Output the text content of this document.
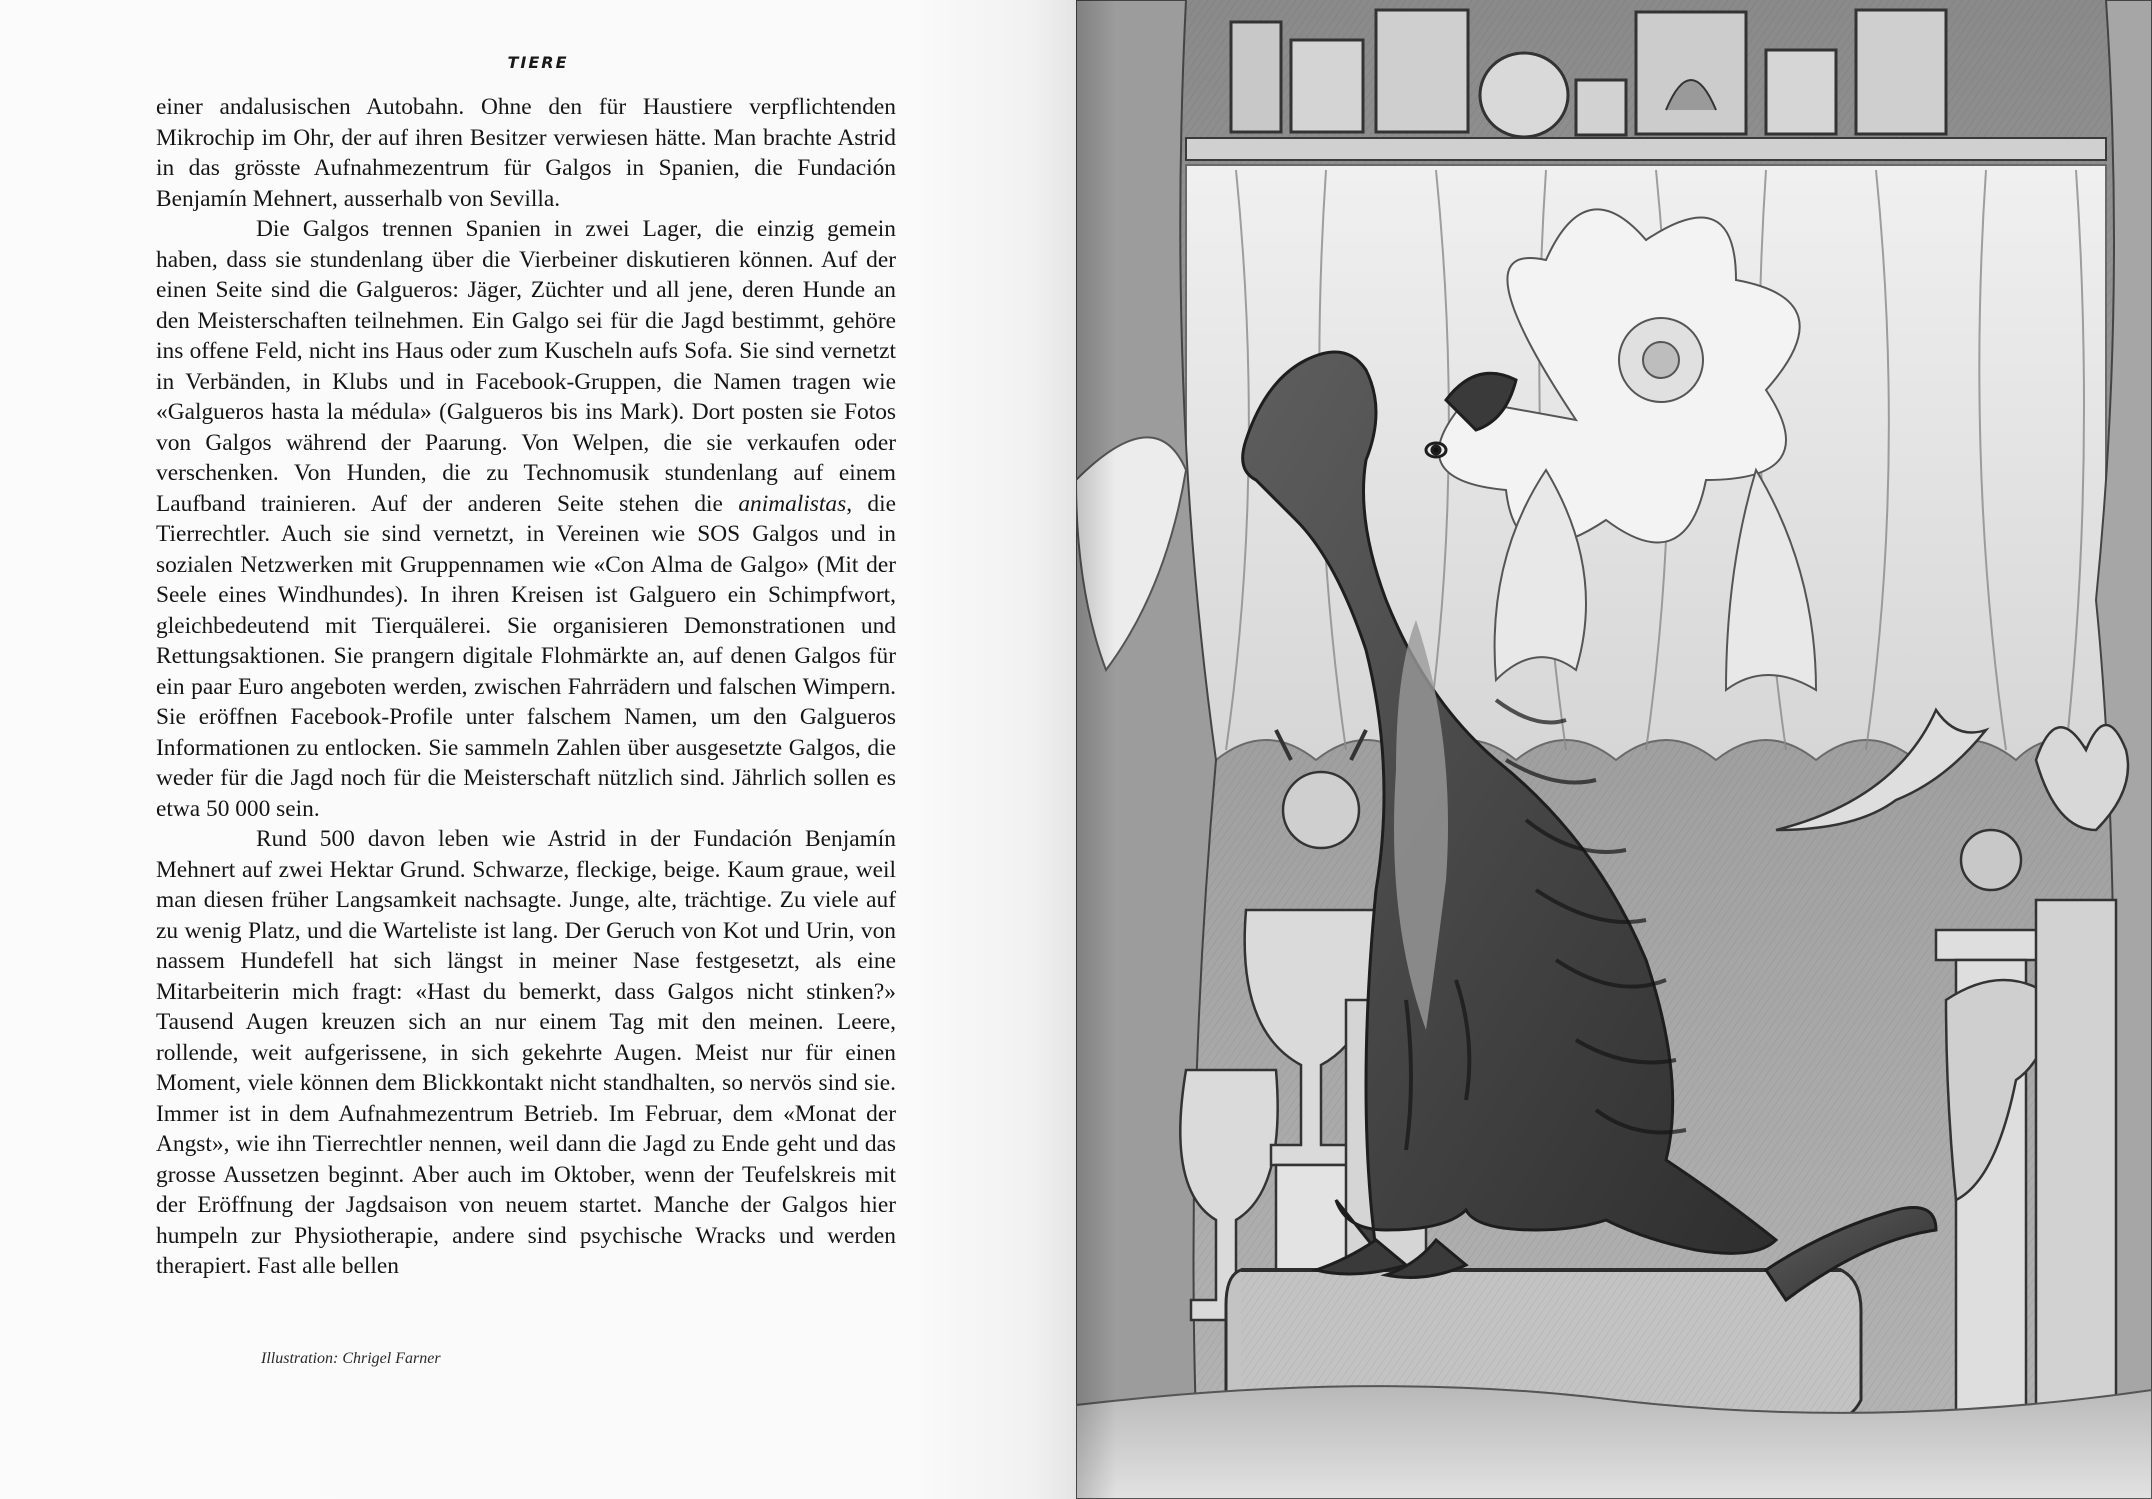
TIERE

einer andalusischen Autobahn. Ohne den für Haustiere verpflichtenden Mikrochip im Ohr, der auf ihren Besitzer verwiesen hätte. Man brachte Astrid in das grösste Aufnahmezentrum für Galgos in Spanien, die Fundación Benjamín Mehnert, ausserhalb von Sevilla.

Die Galgos trennen Spanien in zwei Lager, die einzig gemein haben, dass sie stundenlang über die Vierbeiner diskutieren können. Auf der einen Seite sind die Galgueros: Jäger, Züchter und all jene, deren Hunde an den Meisterschaften teilnehmen. Ein Galgo sei für die Jagd bestimmt, gehöre ins offene Feld, nicht ins Haus oder zum Kuscheln aufs Sofa. Sie sind vernetzt in Verbänden, in Klubs und in Facebook-Gruppen, die Namen tragen wie «Galgueros hasta la médula» (Galgueros bis ins Mark). Dort posten sie Fotos von Galgos während der Paarung. Von Welpen, die sie verkaufen oder verschenken. Von Hunden, die zu Technomusik stundenlang auf einem Laufband trainieren. Auf der anderen Seite stehen die animalistas, die Tierrechtler. Auch sie sind vernetzt, in Vereinen wie SOS Galgos und in sozialen Netzwerken mit Gruppennamen wie «Con Alma de Galgo» (Mit der Seele eines Windhundes). In ihren Kreisen ist Galguero ein Schimpfwort, gleichbedeutend mit Tierquälerei. Sie organisieren Demonstrationen und Rettungsaktionen. Sie prangern digitale Flohmärkte an, auf denen Galgos für ein paar Euro angeboten werden, zwischen Fahrrädern und falschen Wimpern. Sie eröffnen Facebook-Profile unter falschem Namen, um den Galgueros Informationen zu entlocken. Sie sammeln Zahlen über ausgesetzte Galgos, die weder für die Jagd noch für die Meisterschaft nützlich sind. Jährlich sollen es etwa 50 000 sein.

Rund 500 davon leben wie Astrid in der Fundación Benjamín Mehnert auf zwei Hektar Grund. Schwarze, fleckige, beige. Kaum graue, weil man diesen früher Langsamkeit nachsagte. Junge, alte, trächtige. Zu viele auf zu wenig Platz, und die Warteliste ist lang. Der Geruch von Kot und Urin, von nassem Hundefell hat sich längst in meiner Nase festgesetzt, als eine Mitarbeiterin mich fragt: «Hast du bemerkt, dass Galgos nicht stinken?» Tausend Augen kreuzen sich an nur einem Tag mit den meinen. Leere, rollende, weit aufgerissene, in sich gekehrte Augen. Meist nur für einen Moment, viele können dem Blickkontakt nicht standhalten, so nervös sind sie. Immer ist in dem Aufnahmezentrum Betrieb. Im Februar, dem «Monat der Angst», wie ihn Tierrechtler nennen, weil dann die Jagd zu Ende geht und das grosse Aussetzen beginnt. Aber auch im Oktober, wenn der Teufelskreis mit der Eröffnung der Jagdsaison von neuem startet. Manche der Galgos hier humpeln zur Physiotherapie, andere sind psychische Wracks und werden therapiert. Fast alle bellen

Illustration: Chrigel Farner
